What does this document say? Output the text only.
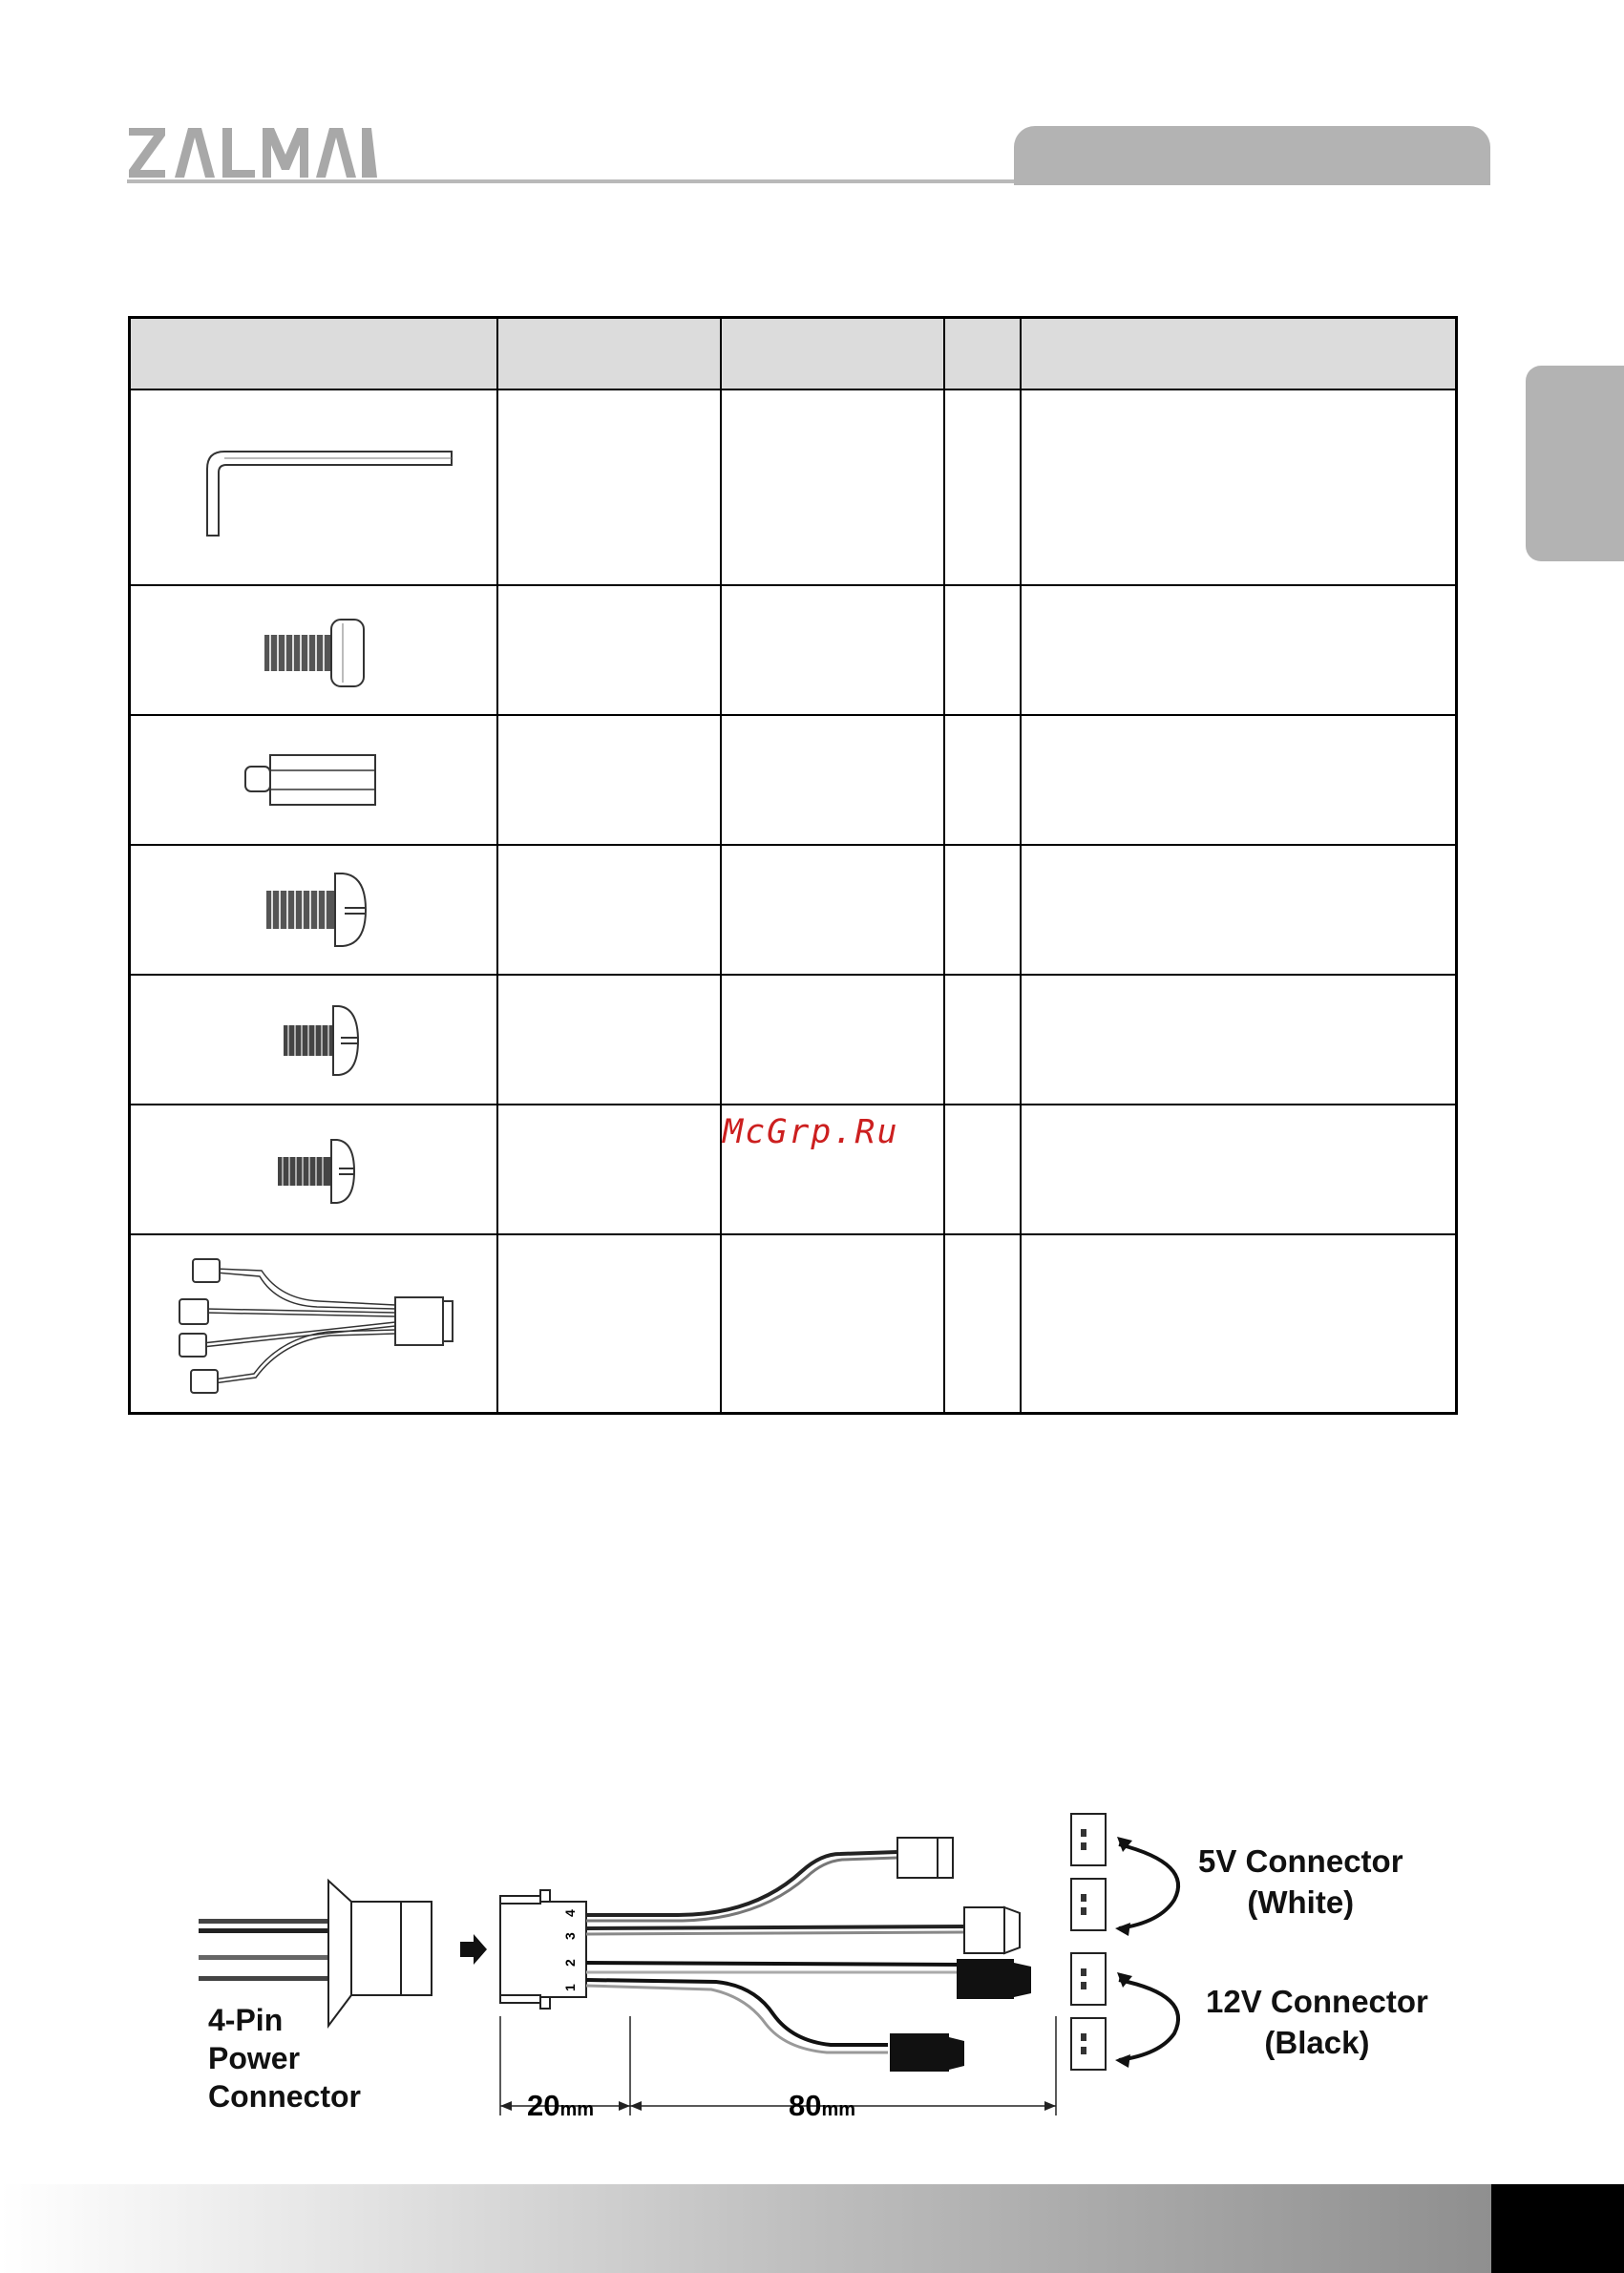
McGrp.Ru
4
3
2
1
4-Pin
Power
Connector
5V Connector
(White)
12V Connector
(Black)
20mm	80mm
